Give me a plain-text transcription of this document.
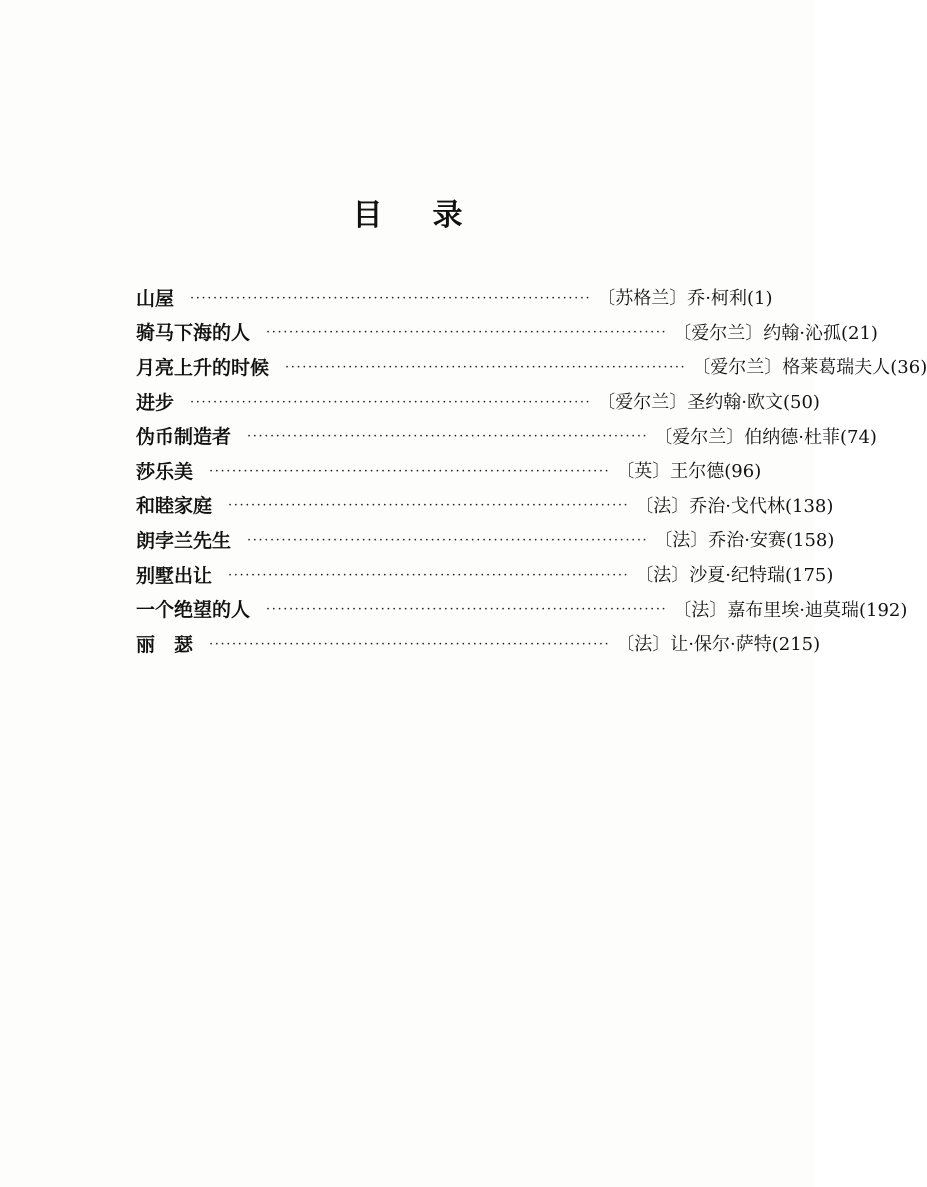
目 录
山屋 ······································································ 〔苏格兰〕乔·柯利(1)
骑马下海的人 ······································································ 〔爱尔兰〕约翰·沁孤(21)
月亮上升的时候 ······································································ 〔爱尔兰〕格莱葛瑞夫人(36)
进步 ······································································ 〔爱尔兰〕圣约翰·欧文(50)
伪币制造者 ······································································ 〔爱尔兰〕伯纳德·杜菲(74)
莎乐美 ······································································ 〔英〕王尔德(96)
和睦家庭 ······································································ 〔法〕乔治·戈代林(138)
朗孛兰先生 ······································································ 〔法〕乔治·安赛(158)
别墅出让 ······································································ 〔法〕沙夏·纪特瑞(175)
一个绝望的人 ······································································ 〔法〕嘉布里埃·迪莫瑞(192)
丽　瑟 ······································································ 〔法〕让·保尔·萨特(215)
